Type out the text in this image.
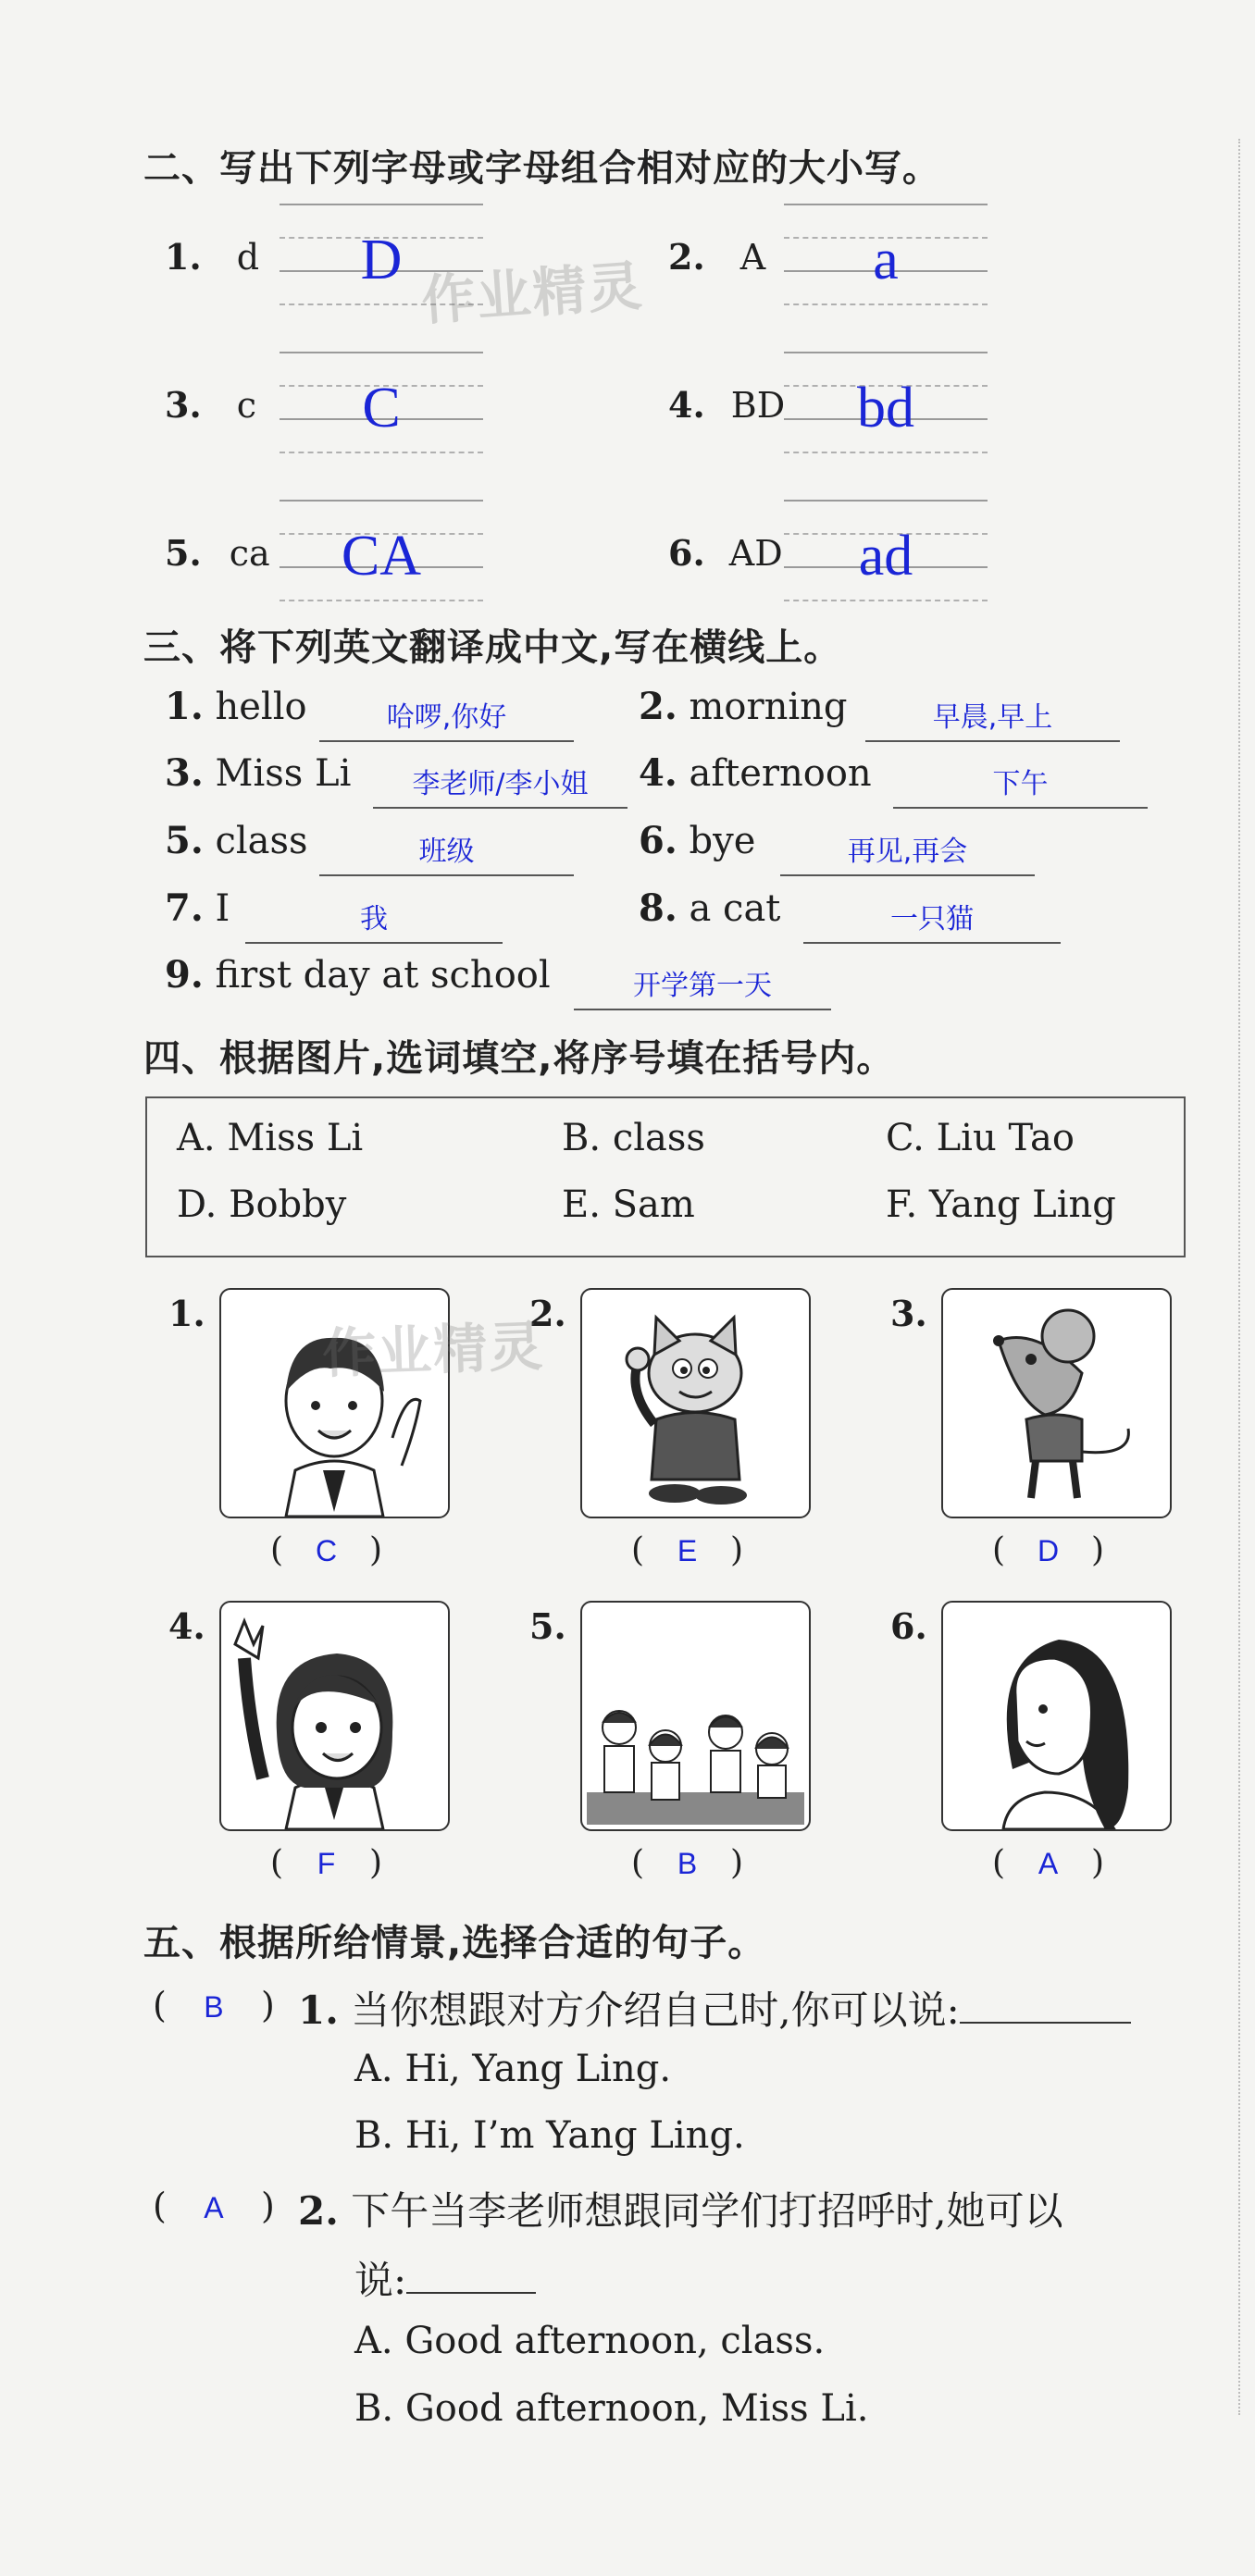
二、写出下列字母或字母组合相对应的大小写。
1. d	D	2. A	a
3. c	C	4. BD	bd
5. ca	CA	6. AD	ad
作业精灵
三、将下列英文翻译成中文,写在横线上。
1. hello	哈啰,你好	2. morning	早晨,早上
3. Miss Li	李老师/李小姐	4. afternoon	下午
5. class	班级	6. bye	再见,再会
7. I	我	8. a cat	一只猫
9. first day at school	开学第一天
四、根据图片,选词填空,将序号填在括号内。
A. Miss Li	B. class	C. Liu Tao
D. Bobby	E. Sam	F. Yang Ling
1.
( C )
2.
( E )
3.
( D )
4.
( F )
5.
( B )
6.
( A )
作业精灵
五、根据所给情景,选择合适的句子。
( B ) 1. 当你想跟对方介绍自己时,你可以说:
A. Hi, Yang Ling.
B. Hi, I’m Yang Ling.
( A ) 2. 下午当李老师想跟同学们打招呼时,她可以
说:
A. Good afternoon, class.
B. Good afternoon, Miss Li.
